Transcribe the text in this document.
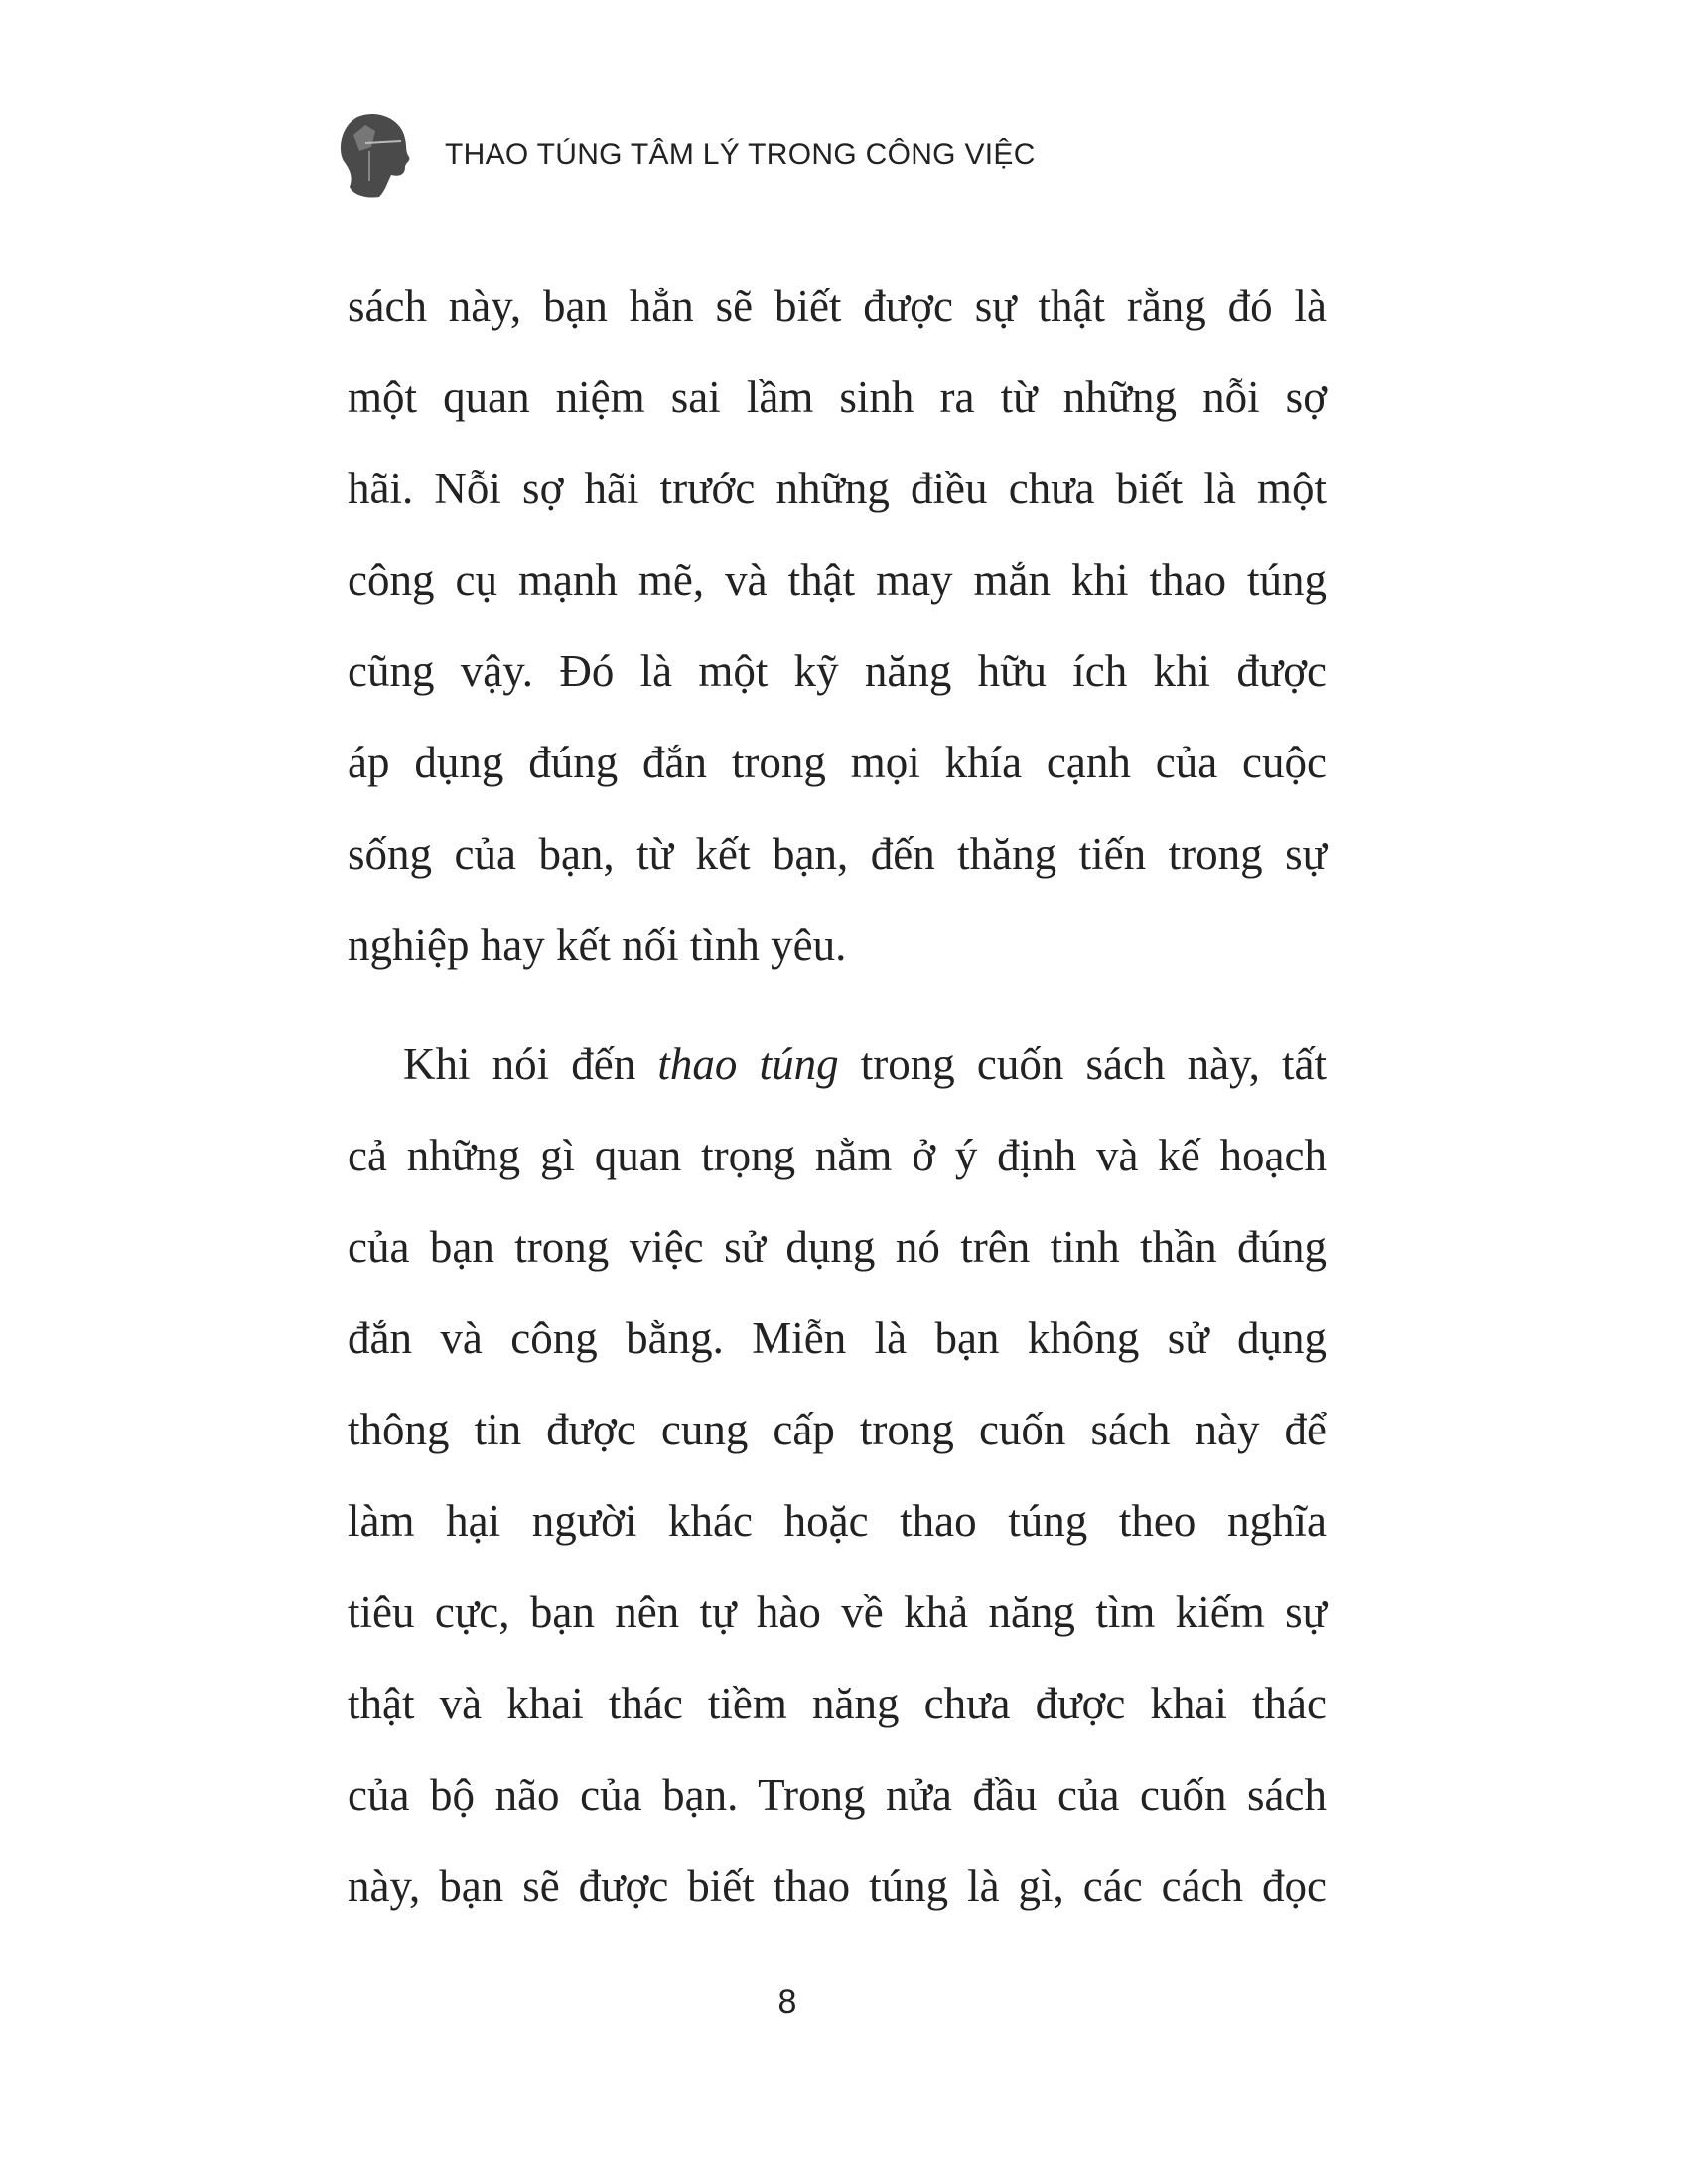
THAO TÚNG TÂM LÝ TRONG CÔNG VIỆC
sách này, bạn hẳn sẽ biết được sự thật rằng đó là
một quan niệm sai lầm sinh ra từ những nỗi sợ
hãi. Nỗi sợ hãi trước những điều chưa biết là một
công cụ mạnh mẽ, và thật may mắn khi thao túng
cũng vậy. Đó là một kỹ năng hữu ích khi được
áp dụng đúng đắn trong mọi khía cạnh của cuộc
sống của bạn, từ kết bạn, đến thăng tiến trong sự
nghiệp hay kết nối tình yêu.
Khi nói đến thao túng trong cuốn sách này, tất
cả những gì quan trọng nằm ở ý định và kế hoạch
của bạn trong việc sử dụng nó trên tinh thần đúng
đắn và công bằng. Miễn là bạn không sử dụng
thông tin được cung cấp trong cuốn sách này để
làm hại người khác hoặc thao túng theo nghĩa
tiêu cực, bạn nên tự hào về khả năng tìm kiếm sự
thật và khai thác tiềm năng chưa được khai thác
của bộ não của bạn. Trong nửa đầu của cuốn sách
này, bạn sẽ được biết thao túng là gì, các cách đọc
8
